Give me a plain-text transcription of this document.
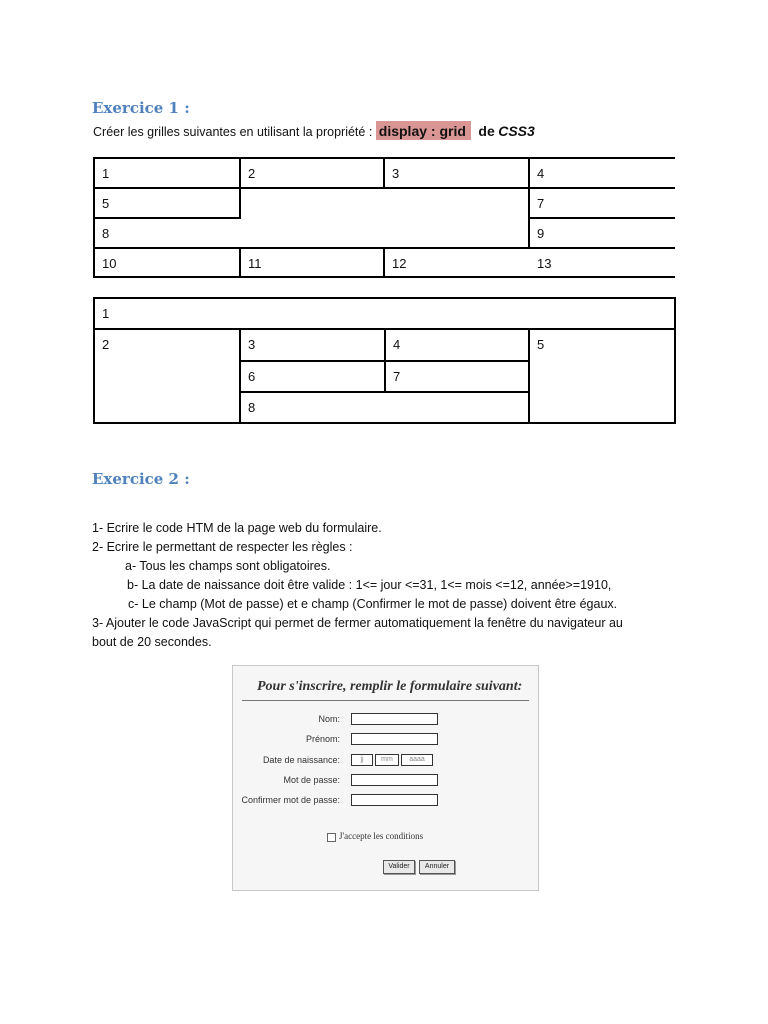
Exercice 1 :
Créer les grilles suivantes en utilisant la propriété : display : grid de CSS3
1	2	3	4
5	7
8	9
10	11	12	13
1
2	3	4	5
6	7
8
Exercice 2 :
1- Ecrire le code HTM de la page web du formulaire.
2- Ecrire le permettant de respecter les règles :
a- Tous les champs sont obligatoires.
b- La date de naissance doit être valide : 1<= jour <=31, 1<= mois <=12, année>=1910,
c- Le champ (Mot de passe) et e champ (Confirmer le mot de passe) doivent être égaux.
3- Ajouter le code JavaScript qui permet de fermer automatiquement la fenêtre du navigateur au
bout de 20 secondes.
Pour s'inscrire, remplir le formulaire suivant:
Nom:
Prénom:
Date de naissance:	jj	mm	aaaa
Mot de passe:
Confirmer mot de passe:
J'accepte les conditions
Valider	Annuler
